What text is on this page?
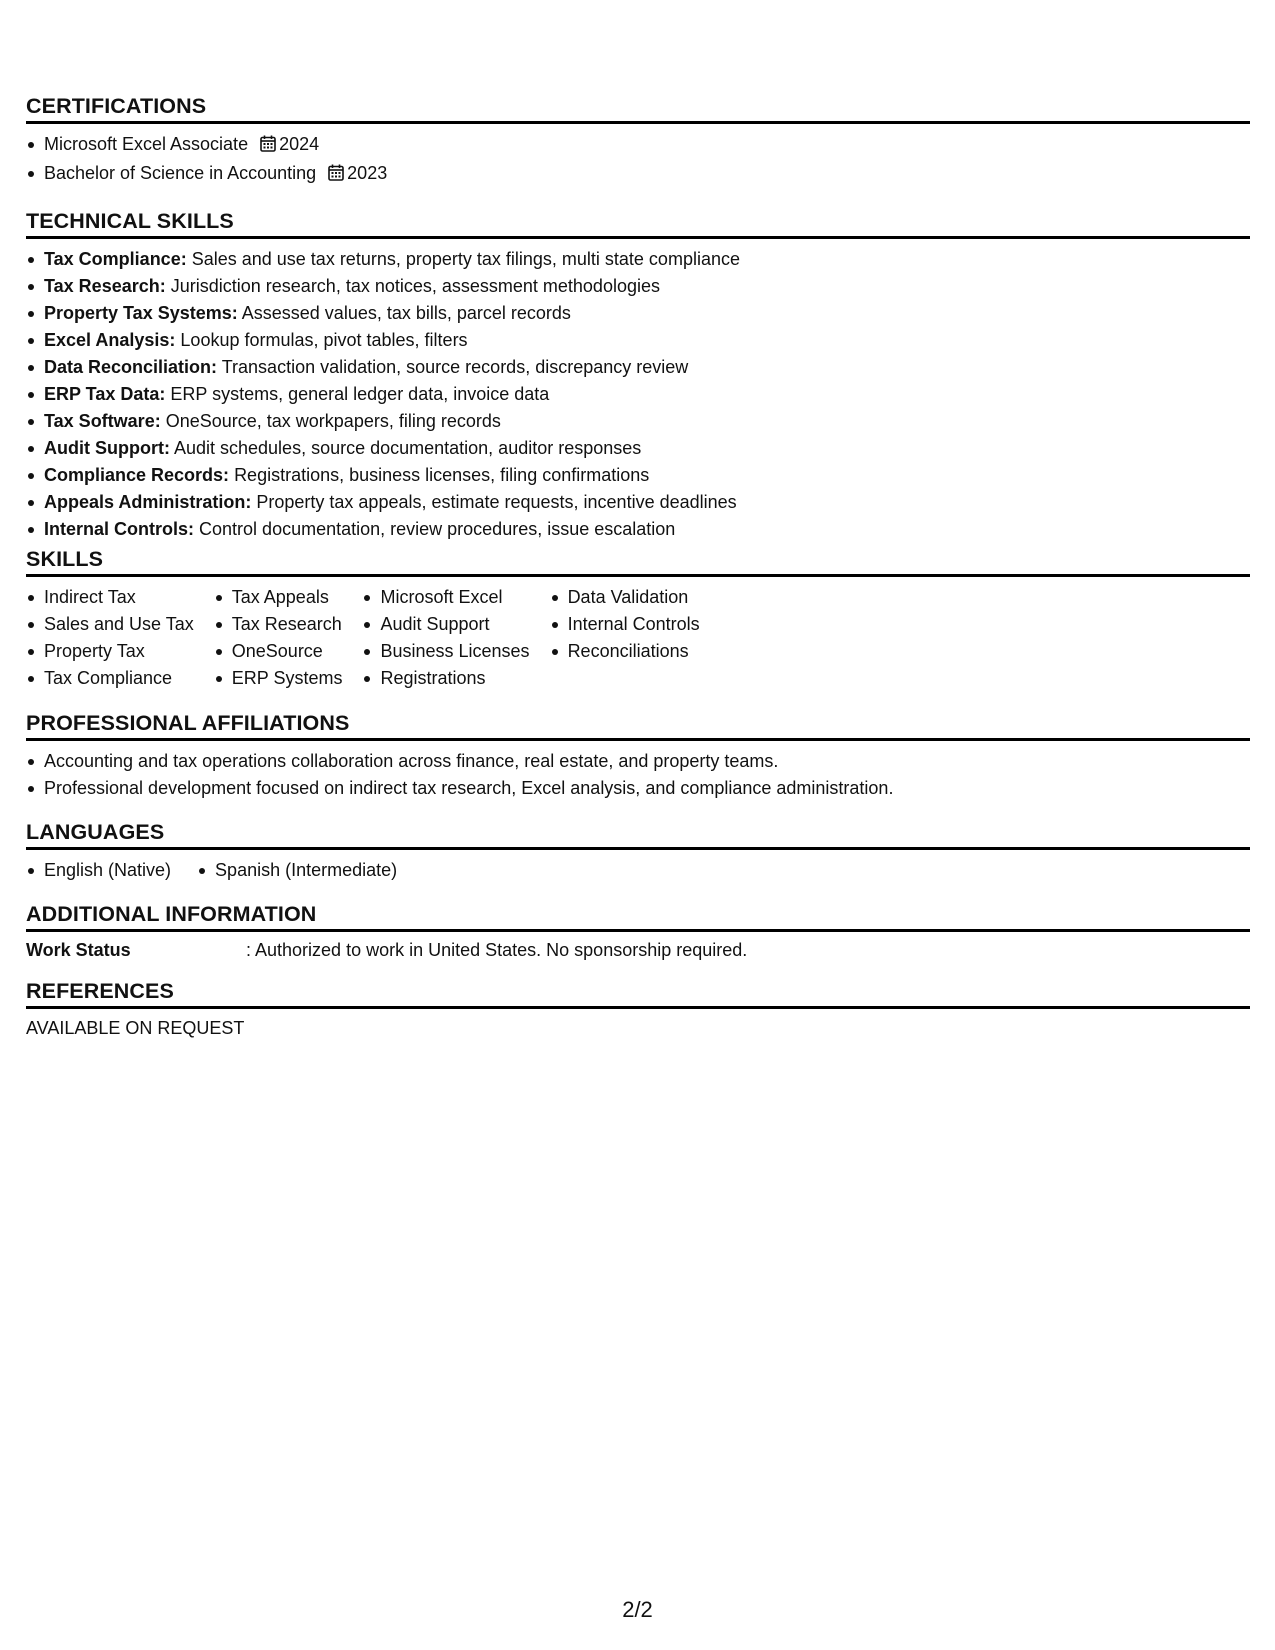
CERTIFICATIONS
Microsoft Excel Associate 2024
Bachelor of Science in Accounting 2023
TECHNICAL SKILLS
Tax Compliance: Sales and use tax returns, property tax filings, multi state compliance
Tax Research: Jurisdiction research, tax notices, assessment methodologies
Property Tax Systems: Assessed values, tax bills, parcel records
Excel Analysis: Lookup formulas, pivot tables, filters
Data Reconciliation: Transaction validation, source records, discrepancy review
ERP Tax Data: ERP systems, general ledger data, invoice data
Tax Software: OneSource, tax workpapers, filing records
Audit Support: Audit schedules, source documentation, auditor responses
Compliance Records: Registrations, business licenses, filing confirmations
Appeals Administration: Property tax appeals, estimate requests, incentive deadlines
Internal Controls: Control documentation, review procedures, issue escalation
SKILLS
Indirect Tax
Sales and Use Tax
Property Tax
Tax Compliance
Tax Appeals
Tax Research
OneSource
ERP Systems
Microsoft Excel
Audit Support
Business Licenses
Registrations
Data Validation
Internal Controls
Reconciliations
PROFESSIONAL AFFILIATIONS
Accounting and tax operations collaboration across finance, real estate, and property teams.
Professional development focused on indirect tax research, Excel analysis, and compliance administration.
LANGUAGES
English (Native)	Spanish (Intermediate)
ADDITIONAL INFORMATION
Work Status	: Authorized to work in United States. No sponsorship required.
REFERENCES
AVAILABLE ON REQUEST
2/2
